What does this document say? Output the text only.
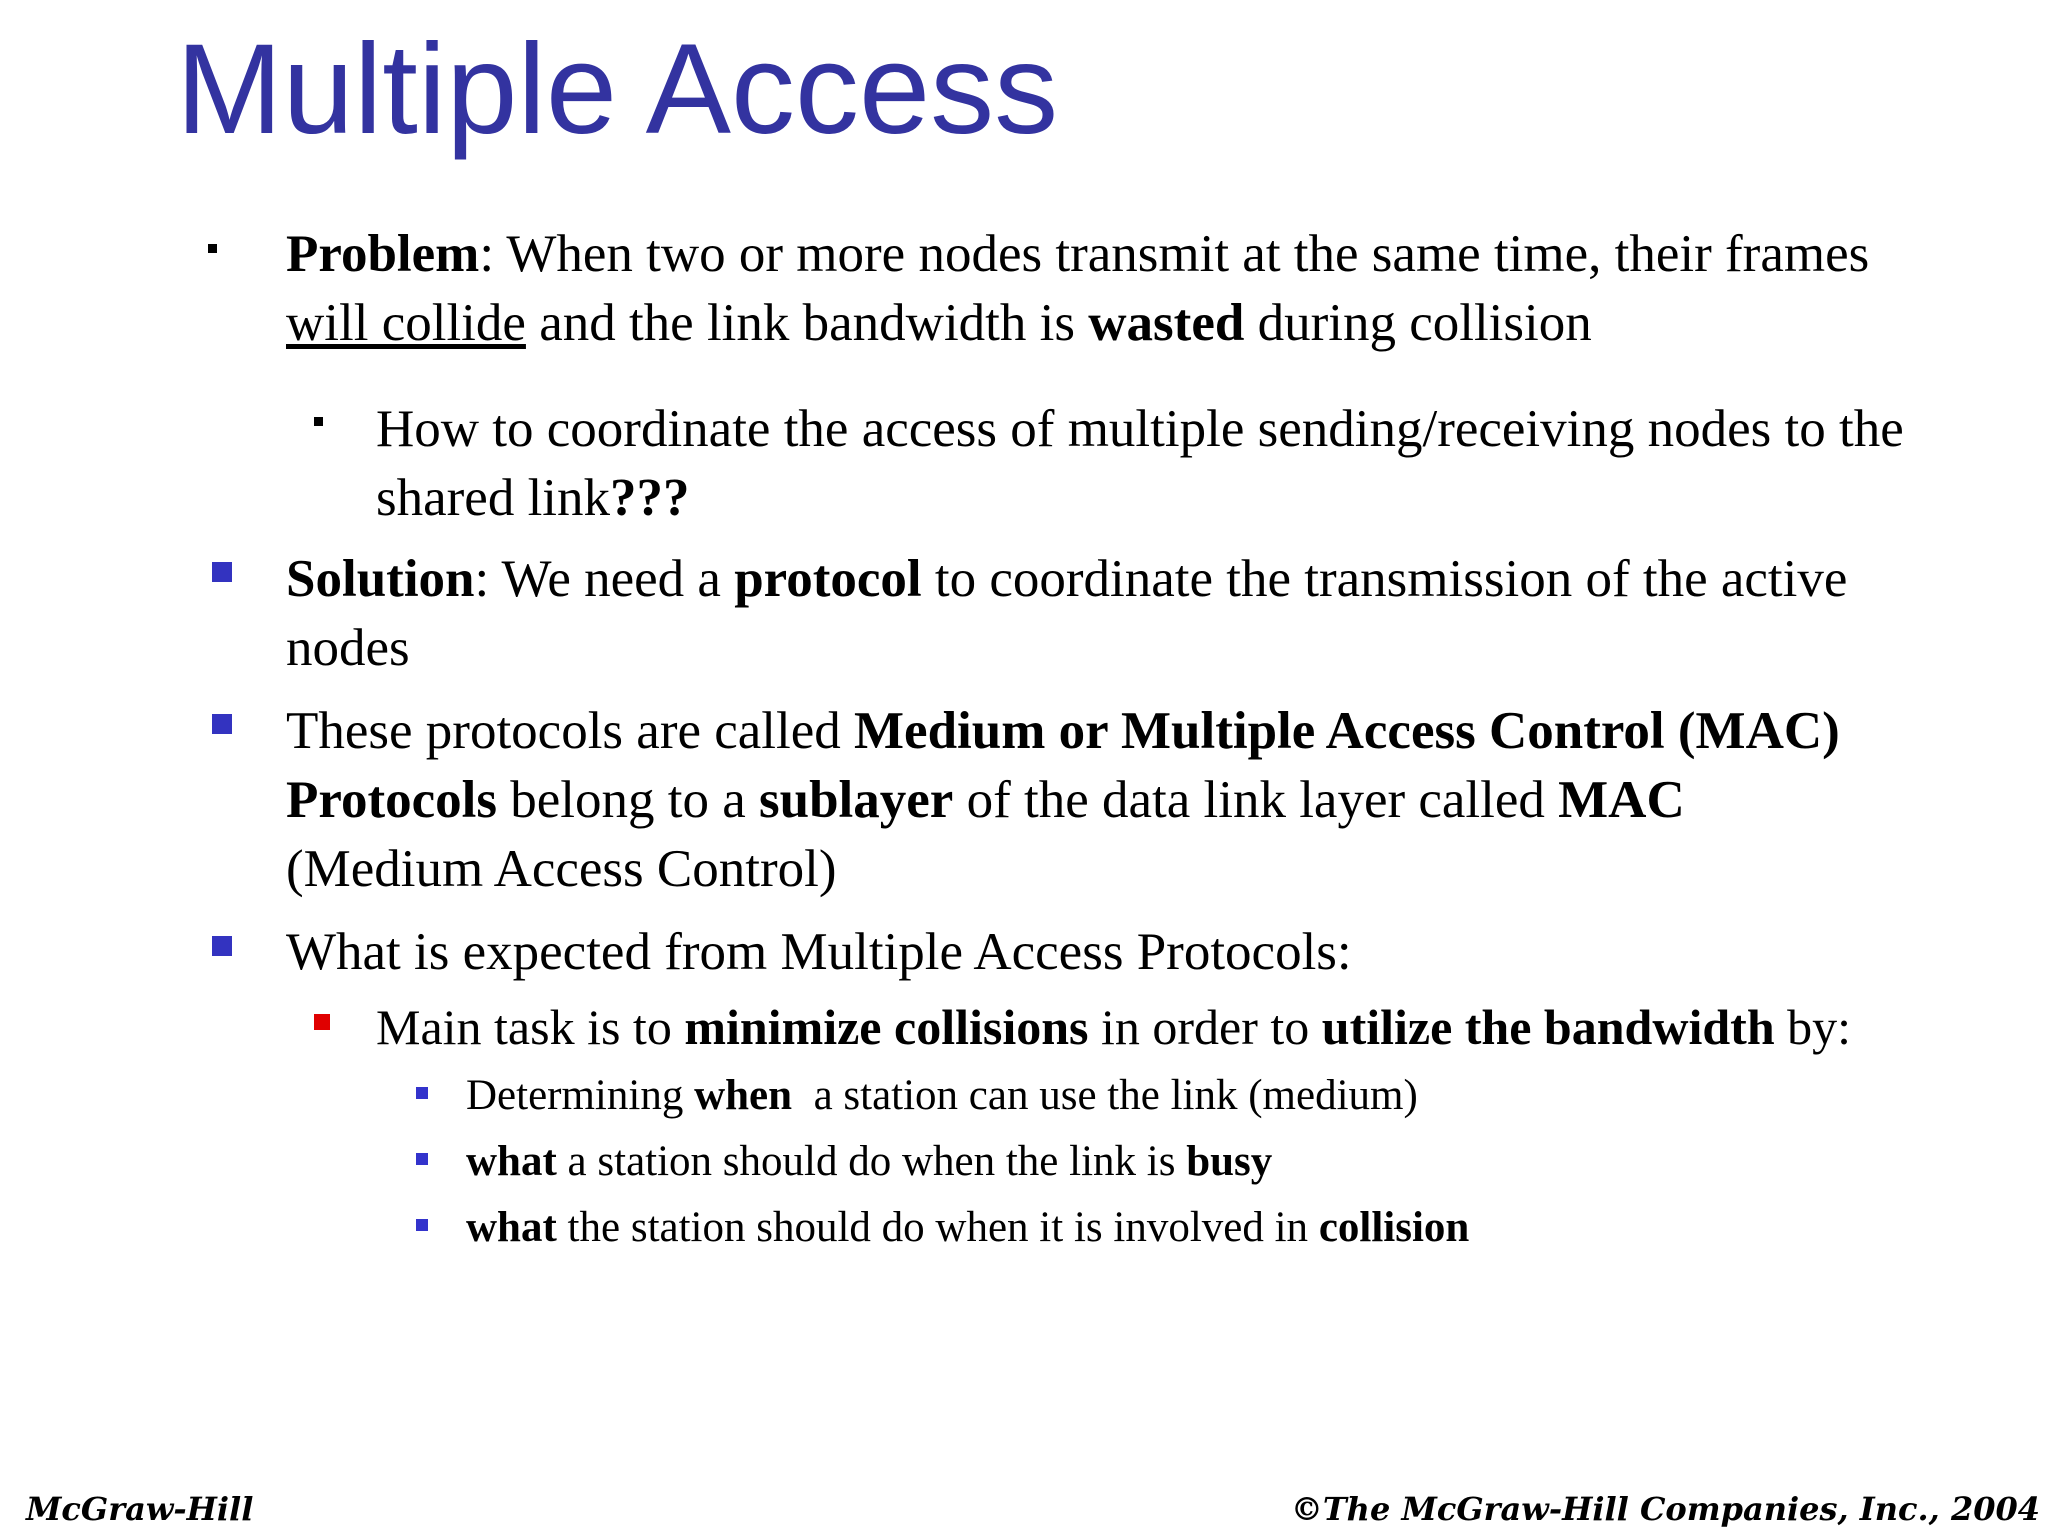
Multiple Access

Problem: When two or more nodes transmit at the same time, their frames will collide and the link bandwidth is wasted during collision

How to coordinate the access of multiple sending/receiving nodes to the shared link???

Solution: We need a protocol to coordinate the transmission of the active nodes

These protocols are called Medium or Multiple Access Control (MAC) Protocols belong to a sublayer of the data link layer called MAC (Medium Access Control)

What is expected from Multiple Access Protocols:

Main task is to minimize collisions in order to utilize the bandwidth by:

Determining when  a station can use the link (medium)

what a station should do when the link is busy

what the station should do when it is involved in collision

McGraw-Hill	©The McGraw-Hill Companies, Inc., 2004
